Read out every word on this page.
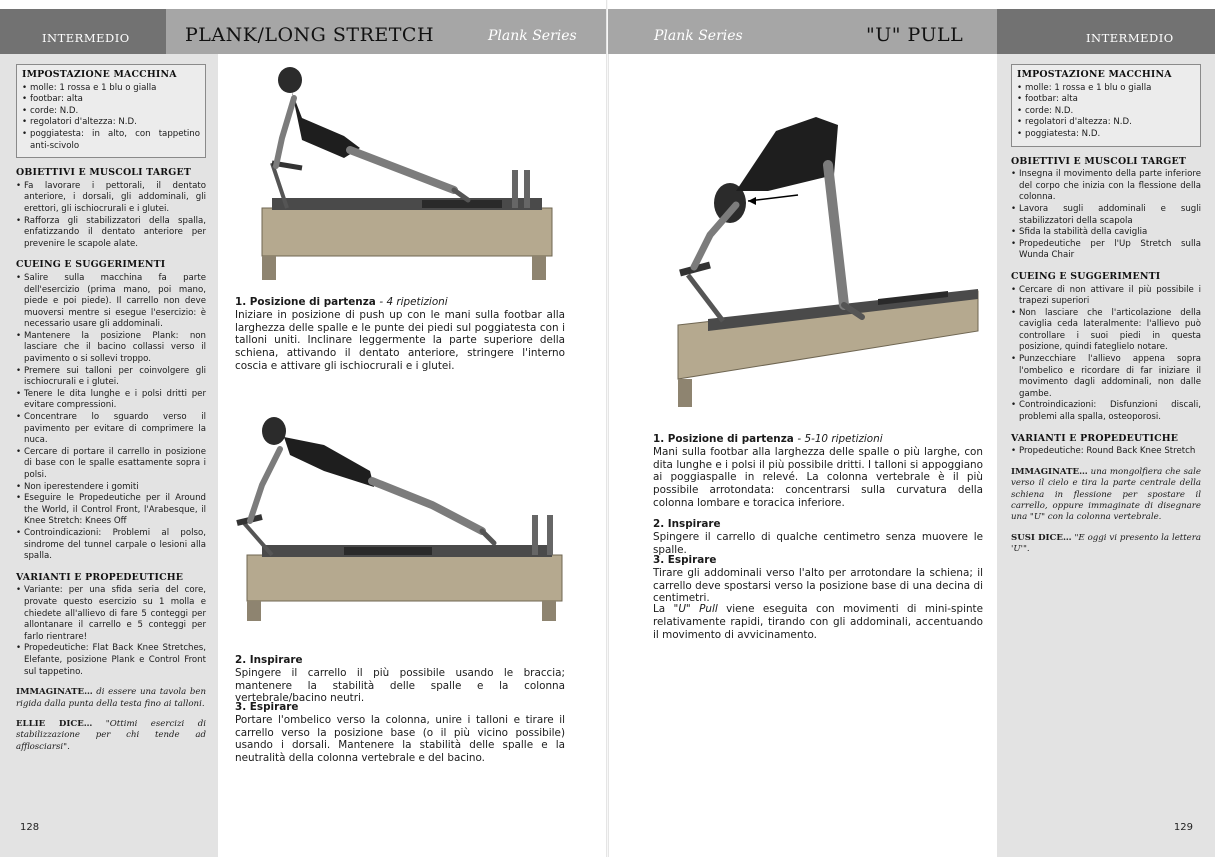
INTERMEDIO	PLANK/LONG STRETCH	Plank Series
IMPOSTAZIONE MACCHINA
• molle: 1 rossa e 1 blu o gialla
• footbar: alta
• corde: N.D.
• regolatori d'altezza: N.D.
• poggiatesta: in alto, con tappetino anti-scivolo
OBIETTIVI E MUSCOLI TARGET
• Fa lavorare i pettorali, il dentato anteriore, i dorsali, gli addominali, gli erettori, gli ischiocrurali e i glutei.
• Rafforza gli stabilizzatori della spalla, enfatizzando il dentato anteriore per prevenire le scapole alate.
CUEING E SUGGERIMENTI
• Salire sulla macchina fa parte dell'esercizio (prima mano, poi mano, piede e poi piede). Il carrello non deve muoversi mentre si esegue l'esercizio: è necessario usare gli addominali.
• Mantenere la posizione Plank: non lasciare che il bacino collassi verso il pavimento o si sollevi troppo.
• Premere sui talloni per coinvolgere gli ischiocrurali e i glutei.
• Tenere le dita lunghe e i polsi dritti per evitare compressioni.
• Concentrare lo sguardo verso il pavimento per evitare di comprimere la nuca.
• Cercare di portare il carrello in posizione di base con le spalle esattamente sopra i polsi.
• Non iperestendere i gomiti
• Eseguire le Propedeutiche per il Around the World, il Control Front, l'Arabesque, il Knee Stretch: Knees Off
• Controindicazioni: Problemi al polso, sindrome del tunnel carpale o lesioni alla spalla.
VARIANTI E PROPEDEUTICHE
• Variante: per una sfida seria del core, provate questo esercizio su 1 molla e chiedete all'allievo di fare 5 conteggi per allontanare il carrello e 5 conteggi per farlo rientrare!
• Propedeutiche: Flat Back Knee Stretches, Elefante, posizione Plank e Control Front sul tappetino.
IMMAGINATE… di essere una tavola ben rigida dalla punta della testa fino ai talloni.
ELLIE DICE… "Ottimi esercizi di stabilizzazione per chi tende ad afflosciarsi".
128
1. Posizione di partenza - 4 ripetizioni
Iniziare in posizione di push up con le mani sulla footbar alla larghezza delle spalle e le punte dei piedi sul poggiatesta con i talloni uniti. Inclinare leggermente la parte superiore della schiena, attivando il dentato anteriore, stringere l'interno coscia e attivare gli ischiocrurali e i glutei.
2. Inspirare
Spingere il carrello il più possibile usando le braccia; mantenere la stabilità delle spalle e la colonna vertebrale/bacino neutri.
3. Espirare
Portare l'ombelico verso la colonna, unire i talloni e tirare il carrello verso la posizione base (o il più vicino possibile) usando i dorsali. Mantenere la stabilità delle spalle e la neutralità della colonna vertebrale e del bacino.
Plank Series	"U" PULL	INTERMEDIO
IMPOSTAZIONE MACCHINA
• molle: 1 rossa e 1 blu o gialla
• footbar: alta
• corde: N.D.
• regolatori d'altezza: N.D.
• poggiatesta: N.D.
OBIETTIVI E MUSCOLI TARGET
• Insegna il movimento della parte inferiore del corpo che inizia con la flessione della colonna.
• Lavora sugli addominali e sugli stabilizzatori della scapola
• Sfida la stabilità della caviglia
• Propedeutiche per l'Up Stretch sulla Wunda Chair
CUEING E SUGGERIMENTI
• Cercare di non attivare il più possibile i trapezi superiori
• Non lasciare che l'articolazione della caviglia ceda lateralmente: l'allievo può controllare i suoi piedi in questa posizione, quindi fateglielo notare.
• Punzecchiare l'allievo appena sopra l'ombelico e ricordare di far iniziare il movimento dagli addominali, non dalle gambe.
• Controindicazioni: Disfunzioni discali, problemi alla spalla, osteoporosi.
VARIANTI E PROPEDEUTICHE
• Propedeutiche: Round Back Knee Stretch
IMMAGINATE… una mongolfiera che sale verso il cielo e tira la parte centrale della schiena in flessione per spostare il carrello, oppure immaginate di disegnare una "U" con la colonna vertebrale.
SUSI DICE… "E oggi vi presento la lettera 'U'".
129
1. Posizione di partenza - 5-10 ripetizioni
Mani sulla footbar alla larghezza delle spalle o più larghe, con dita lunghe e i polsi il più possibile dritti. I talloni si appoggiano ai poggiaspalle in relevé. La colonna vertebrale è il più possibile arrotondata: concentrarsi sulla curvatura della colonna lombare e toracica inferiore.
2. Inspirare
Spingere il carrello di qualche centimetro senza muovere le spalle.
3. Espirare
Tirare gli addominali verso l'alto per arrotondare la schiena; il carrello deve spostarsi verso la posizione base di una decina di centimetri.
La "U" Pull viene eseguita con movimenti di mini-spinte relativamente rapidi, tirando con gli addominali, accentuando il movimento di avvicinamento.
